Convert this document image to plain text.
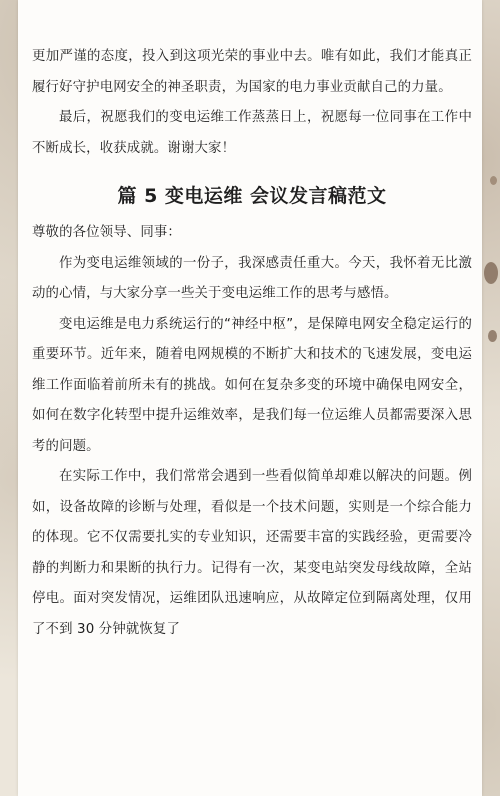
更加严谨的态度，投入到这项光荣的事业中去。唯有如此，我们才能真正履行好守护电网安全的神圣职责，为国家的电力事业贡献自己的力量。

最后，祝愿我们的变电运维工作蒸蒸日上，祝愿每一位同事在工作中不断成长，收获成就。谢谢大家！

篇 5 变电运维 会议发言稿范文

尊敬的各位领导、同事：

作为变电运维领域的一份子，我深感责任重大。今天，我怀着无比激动的心情，与大家分享一些关于变电运维工作的思考与感悟。

变电运维是电力系统运行的“神经中枢”，是保障电网安全稳定运行的重要环节。近年来，随着电网规模的不断扩大和技术的飞速发展，变电运维工作面临着前所未有的挑战。如何在复杂多变的环境中确保电网安全，如何在数字化转型中提升运维效率，是我们每一位运维人员都需要深入思考的问题。

在实际工作中，我们常常会遇到一些看似简单却难以解决的问题。例如，设备故障的诊断与处理，看似是一个技术问题，实则是一个综合能力的体现。它不仅需要扎实的专业知识，还需要丰富的实践经验，更需要冷静的判断力和果断的执行力。记得有一次，某变电站突发母线故障，全站停电。面对突发情况，运维团队迅速响应，从故障定位到隔离处理，仅用了不到 30 分钟就恢复了
